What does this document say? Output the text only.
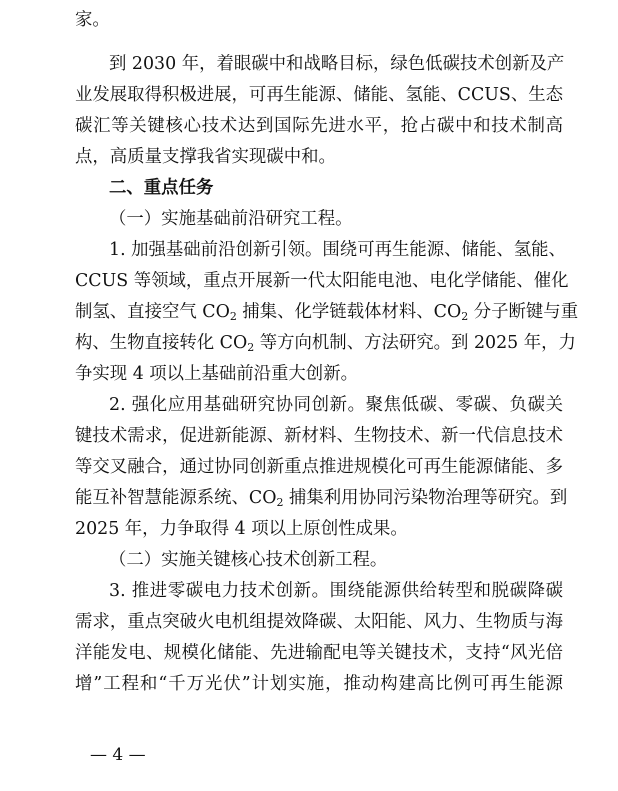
家。
到 2030 年，着眼碳中和战略目标，绿色低碳技术创新及产
业发展取得积极进展，可再生能源、储能、氢能、CCUS、生态
碳汇等关键核心技术达到国际先进水平，抢占碳中和技术制高
点，高质量支撑我省实现碳中和。
二、重点任务
（一）实施基础前沿研究工程。
1. 加强基础前沿创新引领。围绕可再生能源、储能、氢能、
CCUS 等领域，重点开展新一代太阳能电池、电化学储能、催化
制氢、直接空气 $CO_2$ 捕集、化学链载体材料、$CO_2$ 分子断键与重
构、生物直接转化 $CO_2$ 等方向机制、方法研究。到 2025 年，力
争实现 4 项以上基础前沿重大创新。
2. 强化应用基础研究协同创新。聚焦低碳、零碳、负碳关
键技术需求，促进新能源、新材料、生物技术、新一代信息技术
等交叉融合，通过协同创新重点推进规模化可再生能源储能、多
能互补智慧能源系统、$CO_2$ 捕集利用协同污染物治理等研究。到
2025 年，力争取得 4 项以上原创性成果。
（二）实施关键核心技术创新工程。
3. 推进零碳电力技术创新。围绕能源供给转型和脱碳降碳
需求，重点突破火电机组提效降碳、太阳能、风力、生物质与海
洋能发电、规模化储能、先进输配电等关键技术，支持“风光倍
增”工程和“千万光伏”计划实施，推动构建高比例可再生能源
— 4 —
